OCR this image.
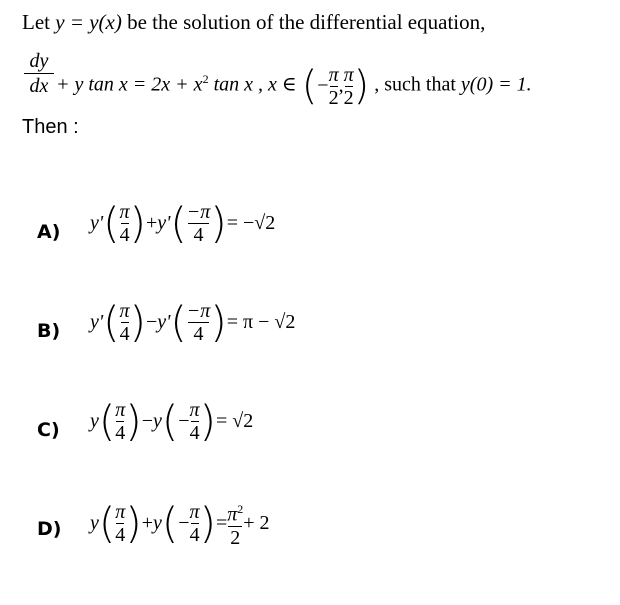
Let y = y(x) be the solution of the differential equation,
dy
dx + y $\tan x = 2x + x^2$ tan x , x ∈ (− $\frac{\pi}{2}$ , $\frac{\pi}{2}$ ) , such that y(0) = 1.
Then :
A) $y'( \frac{\pi}{4} )+y'( \frac{-\pi}{4}$ )= −√2
B) $y'( \frac{\pi}{4} )-y'( \frac{-\pi}{4}$ )= π − √2
C) $y( \frac{\pi}{4} )-y(- \frac{\pi}{4}$ )= √2
D) $y( \frac{\pi}{4} )+y(- \frac{\pi}{4}$ )= $\frac{\pi^2}{2} + 2$
